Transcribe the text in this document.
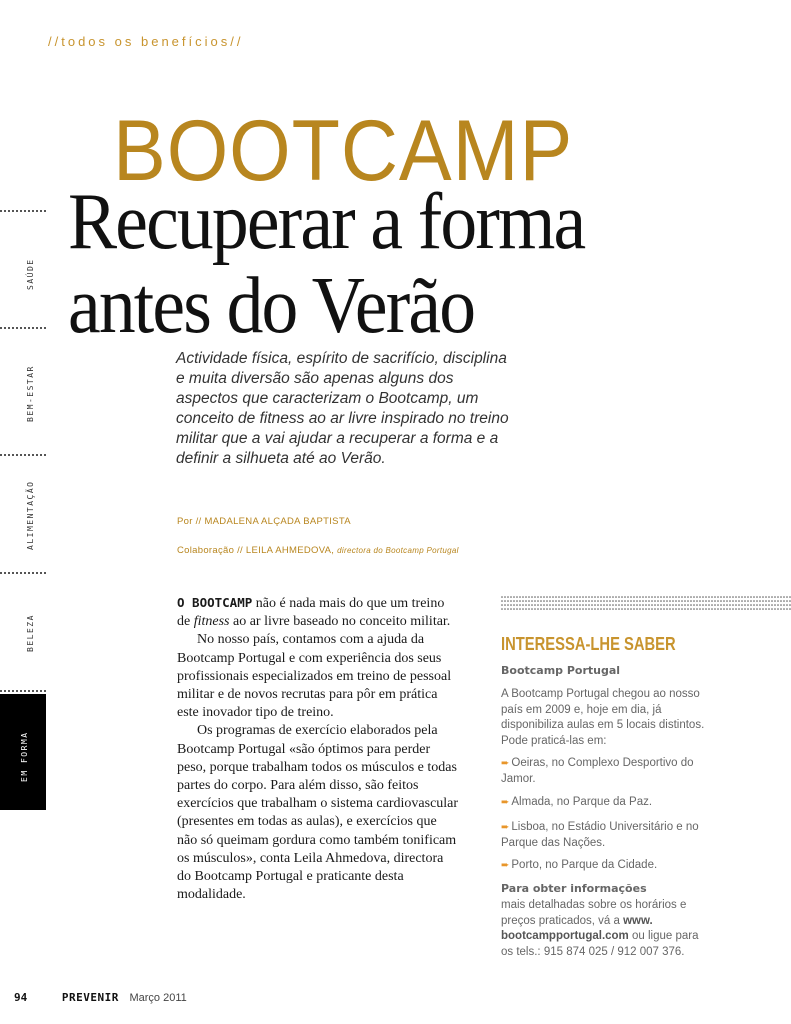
//todos os benefícios//
BOOTCAMP
Recuperar a forma
antes do Verão
Actividade física, espírito de sacrifício, disciplina e muita diversão são apenas alguns dos aspectos que caracterizam o Bootcamp, um conceito de fitness ao ar livre inspirado no treino militar que a vai ajudar a recuperar a forma e a definir a silhueta até ao Verão.
Por // MADALENA ALÇADA BAPTISTA
Colaboração // LEILA AHMEDOVA, directora do Bootcamp Portugal

O BOOTCAMP não é nada mais do que um treino de fitness ao ar livre baseado no conceito militar.

No nosso país, contamos com a ajuda da Bootcamp Portugal e com experiência dos seus profissionais especializados em treino de pessoal militar e de novos recrutas para pôr em prática este inovador tipo de treino.

Os programas de exercício elaborados pela Bootcamp Portugal «são óptimos para perder peso, porque trabalham todos os músculos e todas partes do corpo. Para além disso, são feitos exercícios que trabalham o sistema cardiovascular (presentes em todas as aulas), e exercícios que não só queimam gordura como também tonificam os músculos», conta Leila Ahmedova, directora do Bootcamp Portugal e praticante desta modalidade.

SAÚDE
BEM-ESTAR
ALIMENTAÇÃO
BELEZA
EM FORMA
INTERESSA-LHE SABER
Bootcamp Portugal
A Bootcamp Portugal chegou ao nosso país em 2009 e, hoje em dia, já disponibiliza aulas em 5 locais distintos. Pode praticá-las em:
➨ Oeiras, no Complexo Desportivo do Jamor.
➨ Almada, no Parque da Paz.
➨ Lisboa, no Estádio Universitário e no Parque das Nações.
➨ Porto, no Parque da Cidade.
Para obter informações
mais detalhadas sobre os horários e preços praticados, vá a www. bootcampportugal.com ou ligue para os tels.: 915 874 025 / 912 007 376.
94	PREVENIR Março 2011
